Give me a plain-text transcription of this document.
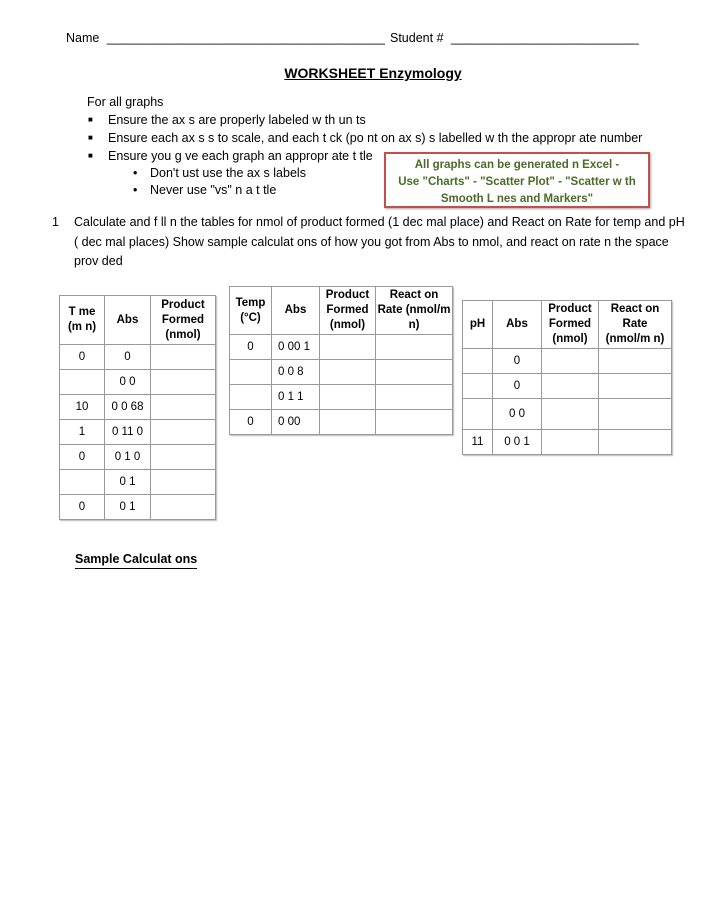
Name ________________________________________ Student # ___________________________
WORKSHEET Enzymology
For all graphs
■ Ensure the ax s are properly labeled w th un ts
■ Ensure each ax s s to scale, and each t ck (po nt on ax s) s labelled w th the appropr ate number
■ Ensure you g ve each graph an appropr ate t tle
• Don't ust use the ax s labels
• Never use "vs" n a t tle
All graphs can be generated n Excel -
Use "Charts" - "Scatter Plot" - "Scatter w th
Smooth L nes and Markers"
1	Calculate and f ll n the tables for nmol of product formed (1 dec mal place) and React on Rate for temp and pH ( dec mal places) Show sample calculat ons of how you got from Abs to nmol, and react on rate n the space prov ded
T me (m n)	Abs	Product Formed (nmol)
0	0	
	0 0	
10	0 0 68	
1	0 11 0	
0	0 1 0	
	0 1	
0	0 1	
Temp (°C)	Abs	Product Formed (nmol)	React on Rate (nmol/m n)
0	0 00 1		
	0 0 8		
	0 1 1		
0	0 00		
pH	Abs	Product Formed (nmol)	React on Rate (nmol/m n)
	0		
	0		
	0 0		
11	0 0 1		
Sample Calculat ons
